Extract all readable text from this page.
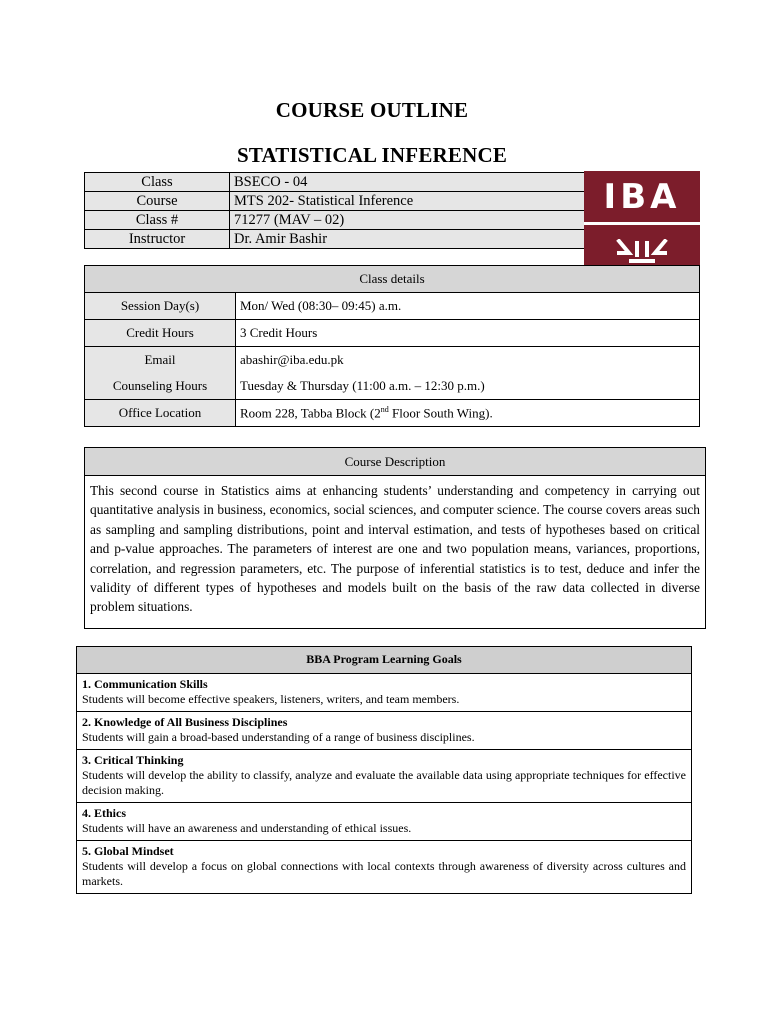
COURSE OUTLINE
STATISTICAL INFERENCE
Class	BSECO - 04
Course	MTS 202- Statistical Inference
Class #	71277 (MAV – 02)
Instructor	Dr. Amir Bashir
IBA
Class details	
Session Day(s)	Mon/ Wed (08:30– 09:45) a.m.
Credit Hours	3 Credit Hours
Email	abashir@iba.edu.pk
Counseling Hours	Tuesday & Thursday (11:00 a.m. – 12:30 p.m.)
Office Location	Room 228, Tabba Block (2nd Floor South Wing).
Course Description
This second course in Statistics aims at enhancing students’ understanding and competency in carrying out quantitative analysis in business, economics, social sciences, and computer science. The course covers areas such as sampling and sampling distributions, point and interval estimation, and tests of hypotheses based on critical and p-value approaches. The parameters of interest are one and two population means, variances, proportions, correlation, and regression parameters, etc. The purpose of inferential statistics is to test, deduce and infer the validity of different types of hypotheses and models built on the basis of the raw data collected in diverse problem situations.
BBA Program Learning Goals

1. Communication Skills
Students will become effective speakers, listeners, writers, and team members.

2. Knowledge of All Business Disciplines
Students will gain a broad-based understanding of a range of business disciplines.

3. Critical Thinking
Students will develop the ability to classify, analyze and evaluate the available data using appropriate techniques for effective decision making.

4. Ethics
Students will have an awareness and understanding of ethical issues.

5. Global Mindset
Students will develop a focus on global connections with local contexts through awareness of diversity across cultures and markets.
